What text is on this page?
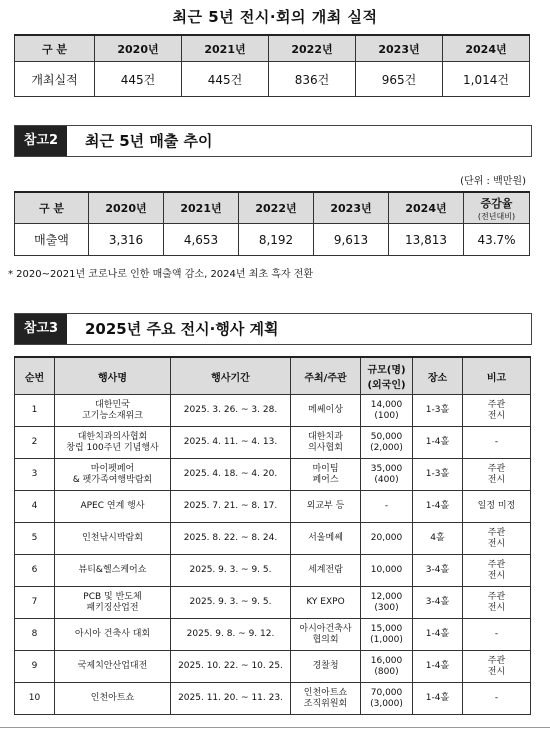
최근 5년 전시·회의 개최 실적
구 분	2020년	2021년	2022년	2023년	2024년
개최실적	445건	445건	836건	965건	1,014건
참고2	최근 5년 매출 추이
(단위 : 백만원)
구 분	2020년	2021년	2022년	2023년	2024년	증감율
(전년대비)

매출액	3,316	4,653	8,192	9,613	13,813	43.7%
* 2020~2021년 코로나로 인한 매출액 감소, 2024년 최초 흑자 전환
참고3	2025년 주요 전시·행사 계획
순번	행사명	행사기간	주최/주관	규모(명)
(외국인)	장소	비고

1	대한민국
고기능소재위크	2025. 3. 26. ~ 3. 28.	메쎄이상	14,000
(100)	1-3홀	주관
전시

2	대한치과의사협회
창립 100주년 기념행사	2025. 4. 11. ~ 4. 13.	대한치과
의사협회	50,000
(2,000)	1-4홀	-

3	마이펫페어
& 펫가족여행박람회	2025. 4. 18. ~ 4. 20.	마이팀
페어스	35,000
(400)	1-3홀	주관
전시

4	APEC 연계 행사	2025. 7. 21. ~ 8. 17.	외교부 등	-	1-4홀	일정 미정

5	인천낚시박람회	2025. 8. 22. ~ 8. 24.	서울메쎄	20,000	4홀	주관
전시

6	뷰티&헬스케어쇼	2025. 9. 3. ~ 9. 5.	세계전람	10,000	3-4홀	주관
전시

7	PCB 및 반도체
패키징산업전	2025. 9. 3. ~ 9. 5.	KY EXPO	12,000
(300)	3-4홀	주관
전시

8	아시아 건축사 대회	2025. 9. 8. ~ 9. 12.	아시아건축사
협의회	15,000
(1,000)	1-4홀	-

9	국제치안산업대전	2025. 10. 22. ~ 10. 25.	경찰청	16,000
(800)	1-4홀	주관
전시

10	인천아트쇼	2025. 11. 20. ~ 11. 23.	인천아트쇼
조직위원회	70,000
(3,000)	1-4홀	-
